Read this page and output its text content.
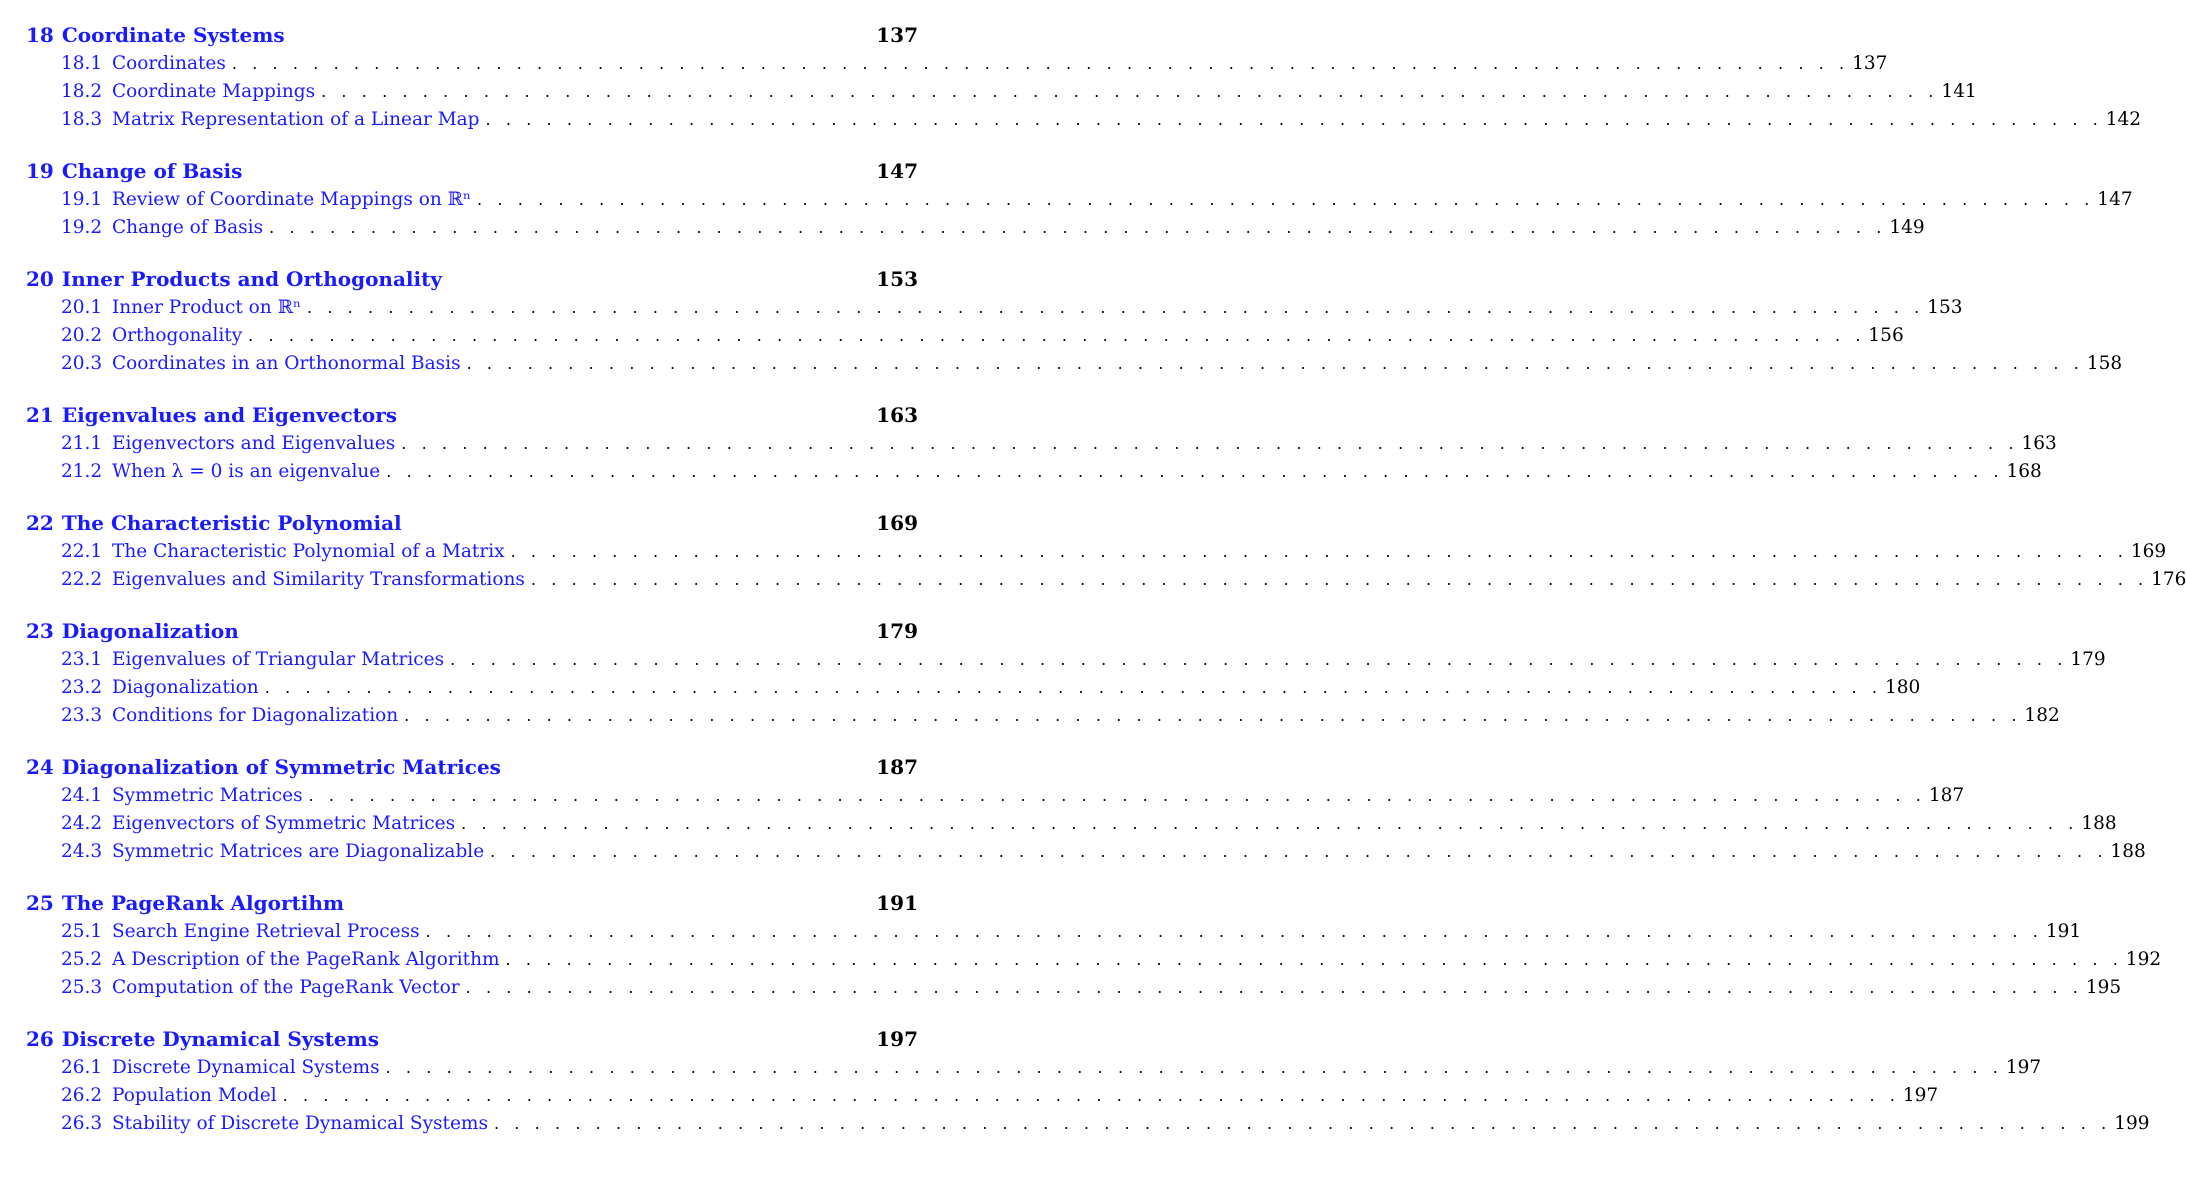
18 Coordinate Systems	137
18.1 Coordinates .   .   .   .   .   .   .   .   .   .   .   .   .   .   .   .   .   .   .   .   .   .   .   .   .   .   .   .   .   .   .   .   .   .   .   .   .   .   .   .   .   .   .   .   .   .   .   .   .   .   .   .   .   .   .   .   .   .   .   .   .   .   .   .   .   .   .   .   .   .   .   .   .   .   .   .   .   .   .   . 137
18.2 Coordinate Mappings .   .   .   .   .   .   .   .   .   .   .   .   .   .   .   .   .   .   .   .   .   .   .   .   .   .   .   .   .   .   .   .   .   .   .   .   .   .   .   .   .   .   .   .   .   .   .   .   .   .   .   .   .   .   .   .   .   .   .   .   .   .   .   .   .   .   .   .   .   .   .   .   .   .   .   .   .   .   .   . 141
18.3 Matrix Representation of a Linear Map .   .   .   .   .   .   .   .   .   .   .   .   .   .   .   .   .   .   .   .   .   .   .   .   .   .   .   .   .   .   .   .   .   .   .   .   .   .   .   .   .   .   .   .   .   .   .   .   .   .   .   .   .   .   .   .   .   .   .   .   .   .   .   .   .   .   .   .   .   .   .   .   .   .   .   .   .   .   .   . 142
19 Change of Basis	147
19.1 Review of Coordinate Mappings on ℝⁿ .   .   .   .   .   .   .   .   .   .   .   .   .   .   .   .   .   .   .   .   .   .   .   .   .   .   .   .   .   .   .   .   .   .   .   .   .   .   .   .   .   .   .   .   .   .   .   .   .   .   .   .   .   .   .   .   .   .   .   .   .   .   .   .   .   .   .   .   .   .   .   .   .   .   .   .   .   .   .   . 147
19.2 Change of Basis .   .   .   .   .   .   .   .   .   .   .   .   .   .   .   .   .   .   .   .   .   .   .   .   .   .   .   .   .   .   .   .   .   .   .   .   .   .   .   .   .   .   .   .   .   .   .   .   .   .   .   .   .   .   .   .   .   .   .   .   .   .   .   .   .   .   .   .   .   .   .   .   .   .   .   .   .   .   .   . 149
20 Inner Products and Orthogonality	153
20.1 Inner Product on ℝⁿ .   .   .   .   .   .   .   .   .   .   .   .   .   .   .   .   .   .   .   .   .   .   .   .   .   .   .   .   .   .   .   .   .   .   .   .   .   .   .   .   .   .   .   .   .   .   .   .   .   .   .   .   .   .   .   .   .   .   .   .   .   .   .   .   .   .   .   .   .   .   .   .   .   .   .   .   .   .   .   . 153
20.2 Orthogonality .   .   .   .   .   .   .   .   .   .   .   .   .   .   .   .   .   .   .   .   .   .   .   .   .   .   .   .   .   .   .   .   .   .   .   .   .   .   .   .   .   .   .   .   .   .   .   .   .   .   .   .   .   .   .   .   .   .   .   .   .   .   .   .   .   .   .   .   .   .   .   .   .   .   .   .   .   .   .   . 156
20.3 Coordinates in an Orthonormal Basis .   .   .   .   .   .   .   .   .   .   .   .   .   .   .   .   .   .   .   .   .   .   .   .   .   .   .   .   .   .   .   .   .   .   .   .   .   .   .   .   .   .   .   .   .   .   .   .   .   .   .   .   .   .   .   .   .   .   .   .   .   .   .   .   .   .   .   .   .   .   .   .   .   .   .   .   .   .   .   . 158
21 Eigenvalues and Eigenvectors	163
21.1 Eigenvectors and Eigenvalues .   .   .   .   .   .   .   .   .   .   .   .   .   .   .   .   .   .   .   .   .   .   .   .   .   .   .   .   .   .   .   .   .   .   .   .   .   .   .   .   .   .   .   .   .   .   .   .   .   .   .   .   .   .   .   .   .   .   .   .   .   .   .   .   .   .   .   .   .   .   .   .   .   .   .   .   .   .   .   . 163
21.2 When λ = 0 is an eigenvalue .   .   .   .   .   .   .   .   .   .   .   .   .   .   .   .   .   .   .   .   .   .   .   .   .   .   .   .   .   .   .   .   .   .   .   .   .   .   .   .   .   .   .   .   .   .   .   .   .   .   .   .   .   .   .   .   .   .   .   .   .   .   .   .   .   .   .   .   .   .   .   .   .   .   .   .   .   .   .   . 168
22 The Characteristic Polynomial	169
22.1 The Characteristic Polynomial of a Matrix .   .   .   .   .   .   .   .   .   .   .   .   .   .   .   .   .   .   .   .   .   .   .   .   .   .   .   .   .   .   .   .   .   .   .   .   .   .   .   .   .   .   .   .   .   .   .   .   .   .   .   .   .   .   .   .   .   .   .   .   .   .   .   .   .   .   .   .   .   .   .   .   .   .   .   .   .   .   .   . 169
22.2 Eigenvalues and Similarity Transformations .   .   .   .   .   .   .   .   .   .   .   .   .   .   .   .   .   .   .   .   .   .   .   .   .   .   .   .   .   .   .   .   .   .   .   .   .   .   .   .   .   .   .   .   .   .   .   .   .   .   .   .   .   .   .   .   .   .   .   .   .   .   .   .   .   .   .   .   .   .   .   .   .   .   .   .   .   .   .   . 176
23 Diagonalization	179
23.1 Eigenvalues of Triangular Matrices .   .   .   .   .   .   .   .   .   .   .   .   .   .   .   .   .   .   .   .   .   .   .   .   .   .   .   .   .   .   .   .   .   .   .   .   .   .   .   .   .   .   .   .   .   .   .   .   .   .   .   .   .   .   .   .   .   .   .   .   .   .   .   .   .   .   .   .   .   .   .   .   .   .   .   .   .   .   .   . 179
23.2 Diagonalization .   .   .   .   .   .   .   .   .   .   .   .   .   .   .   .   .   .   .   .   .   .   .   .   .   .   .   .   .   .   .   .   .   .   .   .   .   .   .   .   .   .   .   .   .   .   .   .   .   .   .   .   .   .   .   .   .   .   .   .   .   .   .   .   .   .   .   .   .   .   .   .   .   .   .   .   .   .   .   . 180
23.3 Conditions for Diagonalization .   .   .   .   .   .   .   .   .   .   .   .   .   .   .   .   .   .   .   .   .   .   .   .   .   .   .   .   .   .   .   .   .   .   .   .   .   .   .   .   .   .   .   .   .   .   .   .   .   .   .   .   .   .   .   .   .   .   .   .   .   .   .   .   .   .   .   .   .   .   .   .   .   .   .   .   .   .   .   . 182
24 Diagonalization of Symmetric Matrices	187
24.1 Symmetric Matrices .   .   .   .   .   .   .   .   .   .   .   .   .   .   .   .   .   .   .   .   .   .   .   .   .   .   .   .   .   .   .   .   .   .   .   .   .   .   .   .   .   .   .   .   .   .   .   .   .   .   .   .   .   .   .   .   .   .   .   .   .   .   .   .   .   .   .   .   .   .   .   .   .   .   .   .   .   .   .   . 187
24.2 Eigenvectors of Symmetric Matrices .   .   .   .   .   .   .   .   .   .   .   .   .   .   .   .   .   .   .   .   .   .   .   .   .   .   .   .   .   .   .   .   .   .   .   .   .   .   .   .   .   .   .   .   .   .   .   .   .   .   .   .   .   .   .   .   .   .   .   .   .   .   .   .   .   .   .   .   .   .   .   .   .   .   .   .   .   .   .   . 188
24.3 Symmetric Matrices are Diagonalizable .   .   .   .   .   .   .   .   .   .   .   .   .   .   .   .   .   .   .   .   .   .   .   .   .   .   .   .   .   .   .   .   .   .   .   .   .   .   .   .   .   .   .   .   .   .   .   .   .   .   .   .   .   .   .   .   .   .   .   .   .   .   .   .   .   .   .   .   .   .   .   .   .   .   .   .   .   .   .   . 188
25 The PageRank Algortihm	191
25.1 Search Engine Retrieval Process .   .   .   .   .   .   .   .   .   .   .   .   .   .   .   .   .   .   .   .   .   .   .   .   .   .   .   .   .   .   .   .   .   .   .   .   .   .   .   .   .   .   .   .   .   .   .   .   .   .   .   .   .   .   .   .   .   .   .   .   .   .   .   .   .   .   .   .   .   .   .   .   .   .   .   .   .   .   .   . 191
25.2 A Description of the PageRank Algorithm .   .   .   .   .   .   .   .   .   .   .   .   .   .   .   .   .   .   .   .   .   .   .   .   .   .   .   .   .   .   .   .   .   .   .   .   .   .   .   .   .   .   .   .   .   .   .   .   .   .   .   .   .   .   .   .   .   .   .   .   .   .   .   .   .   .   .   .   .   .   .   .   .   .   .   .   .   .   .   . 192
25.3 Computation of the PageRank Vector .   .   .   .   .   .   .   .   .   .   .   .   .   .   .   .   .   .   .   .   .   .   .   .   .   .   .   .   .   .   .   .   .   .   .   .   .   .   .   .   .   .   .   .   .   .   .   .   .   .   .   .   .   .   .   .   .   .   .   .   .   .   .   .   .   .   .   .   .   .   .   .   .   .   .   .   .   .   .   . 195
26 Discrete Dynamical Systems	197
26.1 Discrete Dynamical Systems .   .   .   .   .   .   .   .   .   .   .   .   .   .   .   .   .   .   .   .   .   .   .   .   .   .   .   .   .   .   .   .   .   .   .   .   .   .   .   .   .   .   .   .   .   .   .   .   .   .   .   .   .   .   .   .   .   .   .   .   .   .   .   .   .   .   .   .   .   .   .   .   .   .   .   .   .   .   .   . 197
26.2 Population Model .   .   .   .   .   .   .   .   .   .   .   .   .   .   .   .   .   .   .   .   .   .   .   .   .   .   .   .   .   .   .   .   .   .   .   .   .   .   .   .   .   .   .   .   .   .   .   .   .   .   .   .   .   .   .   .   .   .   .   .   .   .   .   .   .   .   .   .   .   .   .   .   .   .   .   .   .   .   .   . 197
26.3 Stability of Discrete Dynamical Systems .   .   .   .   .   .   .   .   .   .   .   .   .   .   .   .   .   .   .   .   .   .   .   .   .   .   .   .   .   .   .   .   .   .   .   .   .   .   .   .   .   .   .   .   .   .   .   .   .   .   .   .   .   .   .   .   .   .   .   .   .   .   .   .   .   .   .   .   .   .   .   .   .   .   .   .   .   .   .   . 199
